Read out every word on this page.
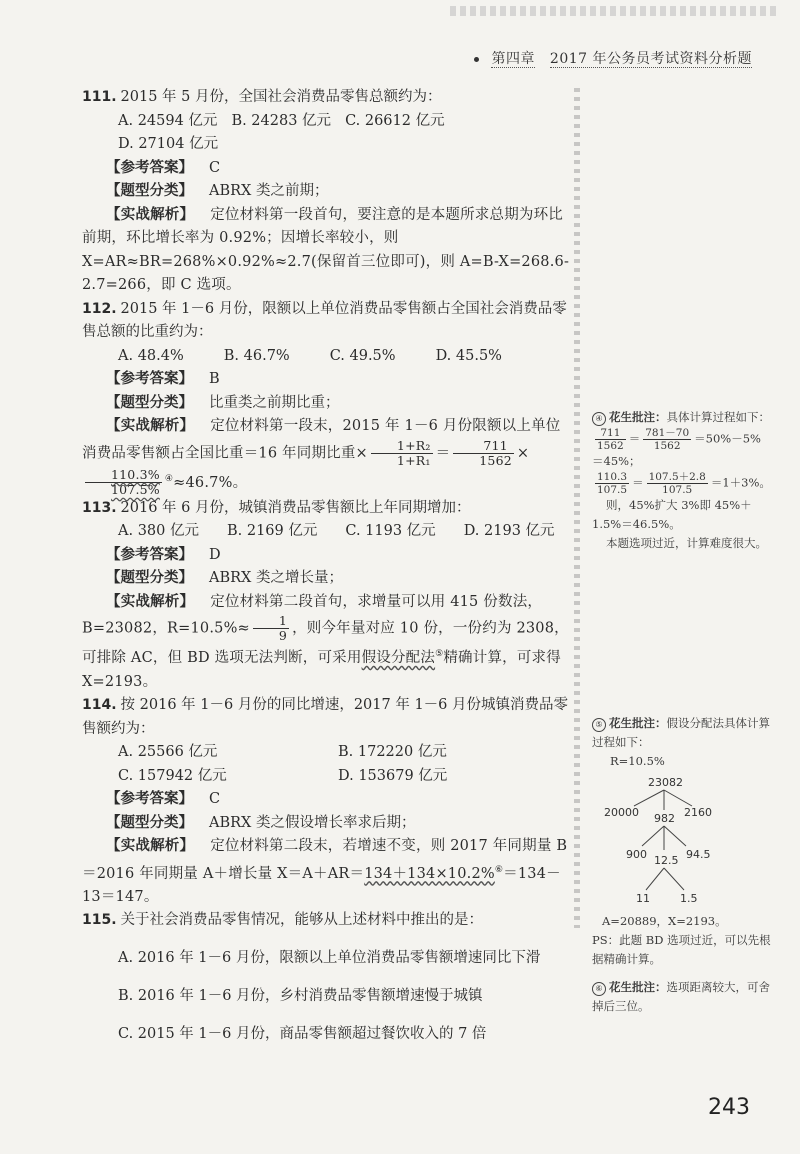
第四章 2017 年公务员考试资料分析题

111. 2015 年 5 月份，全国社会消费品零售总额约为：

A. 24594 亿元 B. 24283 亿元 C. 26612 亿元D. 27104 亿元

【参考答案】 C

【题型分类】 ABRX 类之前期；

【实战解析】 定位材料第一段首句，要注意的是本题所求总期为环比前期，环比增长率为 0.92%；因增长率较小，则 X=AR≈BR=268%×0.92%≈2.7(保留首三位即可)，则 A=B-X=268.6-2.7=266，即 C 选项。

112. 2015 年 1－6 月份，限额以上单位消费品零售额占全国社会消费品零售总额的比重约为：

A. 48.4%	B. 46.7%	C. 49.5%	D. 45.5%

【参考答案】 B

【题型分类】 比重类之前期比重；

【实战解析】 定位材料第一段末，2015 年 1－6 月份限额以上单位消费品零售额占全国比重＝16 年同期比重× $\frac{\text{1+R₂}}{\text{1+R₁}} = \frac{711}{1562}$ ×
$\frac{110.3\%}{107.5\%} ^④\approx 46.7\%$。

113. 2016 年 6 月份，城镇消费品零售额比上年同期增加：

A. 380 亿元 B. 2169 亿元 C. 1193 亿元 D. 2193 亿元

【参考答案】 D

【题型分类】 ABRX 类之增长量；

【实战解析】 定位材料第二段首句，求增量可以用 415 份数法，B=23082，$R=10.5\%\approx \frac{1}{9}$ ，则今年量对应 10 份，一份约为 2308，可排除 AC，但 BD 选项无法判断，可采用假设分配法⑤精确计算，可求得 X=2193。

114. 按 2016 年 1－6 月份的同比增速，2017 年 1－6 月份城镇消费品零售额约为：

A. 25566 亿元	B. 172220 亿元
C. 157942 亿元	D. 153679 亿元

【参考答案】 C

【题型分类】 ABRX 类之假设增长率求后期；

【实战解析】 定位材料第二段末，若增速不变，则 2017 年同期量 B＝2016 年同期量 A＋增长量 X＝A＋AR＝134＋134×10.2%⑥＝134－13＝147。

115. 关于社会消费品零售情况，能够从上述材料中推出的是：

A. 2016 年 1－6 月份，限额以上单位消费品零售额增速同比下滑

B. 2016 年 1－6 月份，乡村消费品零售额增速慢于城镇

C. 2015 年 1－6 月份，商品零售额超过餐饮收入的 7 倍

④ 花生批注：具体计算过程如下：

$\frac{711}{1562} = \frac{781-70}{1562} =50\%-5\%=45\%$；

$\frac{110.3}{107.5} = \frac{107.5+2.8}{107.5} =1+3\%$。

则，45%扩大 3%即 45%＋1.5%＝46.5%。

本题选项过近，计算难度很大。

⑤ 花生批注：假设分配法具体计算过程如下：

R=10.5%

23082
20000 982 2160
900 12.5 94.5
11	1.5

A=20889，X=2193。

PS：此题 BD 选项过近，可以先根据精确计算。

⑥ 花生批注：选项距离较大，可舍掉后三位。

243
